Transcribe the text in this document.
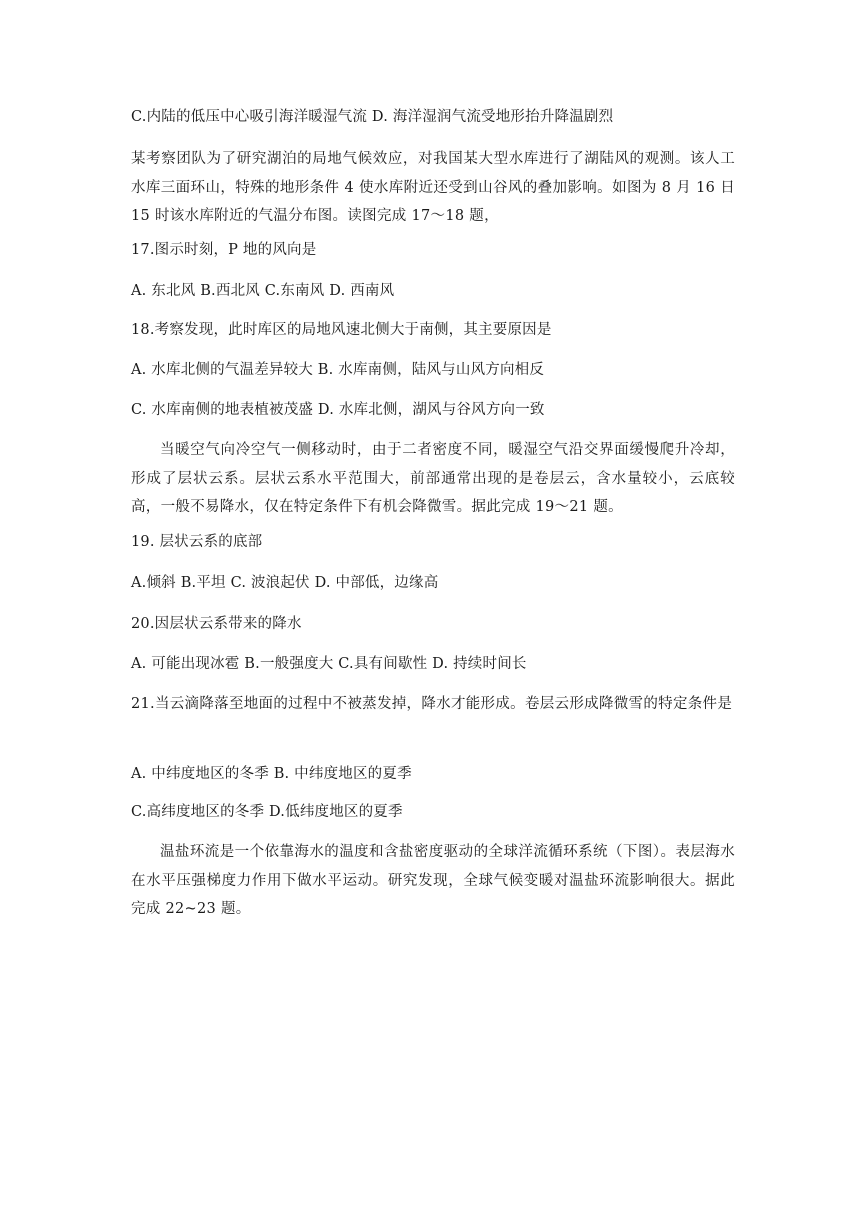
C.内陆的低压中心吸引海洋暖湿气流 D. 海洋湿润气流受地形抬升降温剧烈
某考察团队为了研究湖泊的局地气候效应，对我国某大型水库进行了湖陆风的观测。该人工水库三面环山，特殊的地形条件 4 使水库附近还受到山谷风的叠加影响。如图为 8 月 16 日 15 时该水库附近的气温分布图。读图完成 17～18 题，
17.图示时刻，P 地的风向是
A. 东北风 B.西北风 C.东南风 D. 西南风
18.考察发现，此时库区的局地风速北侧大于南侧，其主要原因是
A. 水库北侧的气温差异较大 B. 水库南侧，陆风与山风方向相反
C. 水库南侧的地表植被茂盛 D. 水库北侧，湖风与谷风方向一致
当暖空气向冷空气一侧移动时，由于二者密度不同，暖湿空气沿交界面缓慢爬升冷却，形成了层状云系。层状云系水平范围大，前部通常出现的是卷层云，含水量较小，云底较高，一般不易降水，仅在特定条件下有机会降微雪。据此完成 19～21 题。
19. 层状云系的底部
A.倾斜 B.平坦 C. 波浪起伏 D. 中部低，边缘高
20.因层状云系带来的降水
A. 可能出现冰雹 B.一般强度大 C.具有间歇性 D. 持续时间长
21.当云滴降落至地面的过程中不被蒸发掉，降水才能形成。卷层云形成降微雪的特定条件是
A. 中纬度地区的冬季 B. 中纬度地区的夏季
C.高纬度地区的冬季 D.低纬度地区的夏季
温盐环流是一个依靠海水的温度和含盐密度驱动的全球洋流循环系统（下图）。表层海水在水平压强梯度力作用下做水平运动。研究发现，全球气候变暖对温盐环流影响很大。据此完成 22~23 题。
